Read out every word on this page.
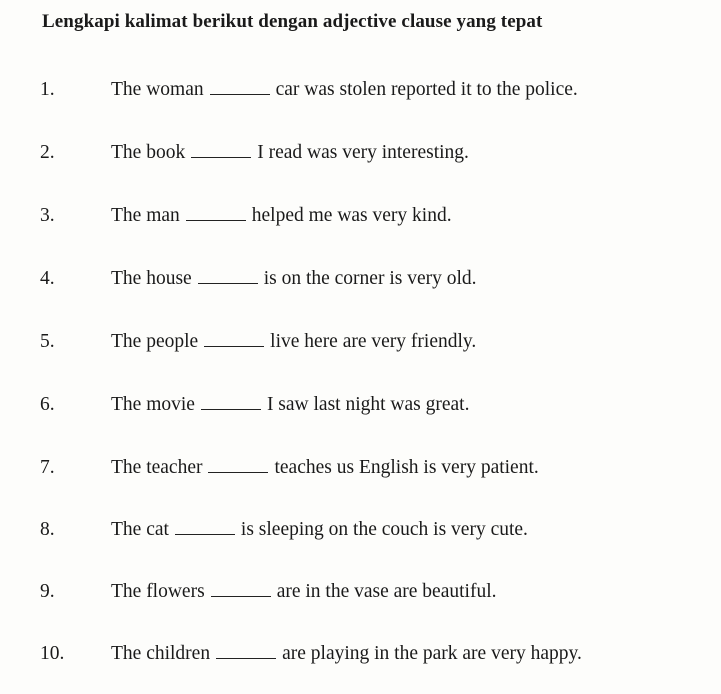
Lengkapi kalimat berikut dengan adjective clause yang tepat
1.	The woman	car was stolen reported it to the police.
2.	The book	I read was very interesting.
3.	The man	helped me was very kind.
4.	The house	is on the corner is very old.
5.	The people	live here are very friendly.
6.	The movie	I saw last night was great.
7.	The teacher	teaches us English is very patient.
8.	The cat	is sleeping on the couch is very cute.
9.	The flowers	are in the vase are beautiful.
10. The children	are playing in the park are very happy.
